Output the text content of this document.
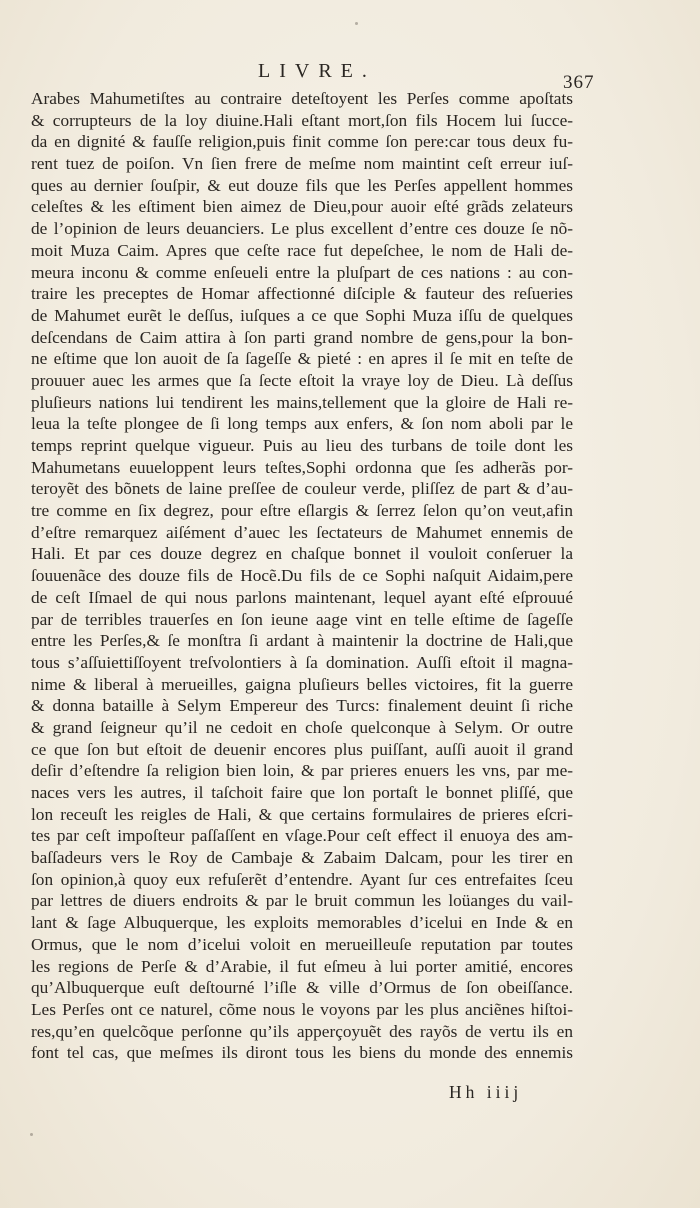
LIVRE.
367
Arabes Mahumetiſtes au contraire deteſtoyent les Perſes comme apoſtats
& corrupteurs de la loy diuine.Hali eſtant mort,ſon fils Hocem lui ſucce-
da en dignité & fauſſe religion,puis finit comme ſon pere:car tous deux fu-
rent tuez de poiſon. Vn ſien frere de meſme nom maintint ceſt erreur iuſ-
ques au dernier ſouſpir, & eut douze fils que les Perſes appellent hommes
celeſtes & les eſtiment bien aimez de Dieu,pour auoir eſté grãds zelateurs
de l’opinion de leurs deuanciers. Le plus excellent d’entre ces douze ſe nõ-
moit Muza Caim. Apres que ceſte race fut depeſchee, le nom de Hali de-
meura inconu & comme enſeueli entre la pluſpart de ces nations : au con-
traire les preceptes de Homar affectionné diſciple & fauteur des reſueries
de Mahumet eurẽt le deſſus, iuſques a ce que Sophi Muza iſſu de quelques
deſcendans de Caim attira à ſon parti grand nombre de gens,pour la bon-
ne eſtime que lon auoit de ſa ſageſſe & pieté : en apres il ſe mit en teſte de
prouuer auec les armes que ſa ſecte eſtoit la vraye loy de Dieu. Là deſſus
pluſieurs nations lui tendirent les mains,tellement que la gloire de Hali re-
leua la teſte plongee de ſi long temps aux enfers, & ſon nom aboli par le
temps reprint quelque vigueur. Puis au lieu des turbans de toile dont les
Mahumetans euueloppent leurs teſtes,Sophi ordonna que ſes adherãs por-
teroyẽt des bõnets de laine preſſee de couleur verde, pliſſez de part & d’au-
tre comme en ſix degrez, pour eſtre eſlargis & ſerrez ſelon qu’on veut,afin
d’eſtre remarquez aiſément d’auec les ſectateurs de Mahumet ennemis de
Hali. Et par ces douze degrez en chaſque bonnet il vouloit conſeruer la
ſouuenãce des douze fils de Hocẽ.Du fils de ce Sophi naſquit Aidaim,pere
de ceſt Iſmael de qui nous parlons maintenant, lequel ayant eſté eſprouué
par de terribles trauerſes en ſon ieune aage vint en telle eſtime de ſageſſe
entre les Perſes,& ſe monſtra ſi ardant à maintenir la doctrine de Hali,que
tous s’aſſuiettiſſoyent treſvolontiers à ſa domination. Auſſi eſtoit il magna-
nime & liberal à merueilles, gaigna pluſieurs belles victoires, fit la guerre
& donna bataille à Selym Empereur des Turcs: finalement deuint ſi riche
& grand ſeigneur qu’il ne cedoit en choſe quelconque à Selym. Or outre
ce que ſon but eſtoit de deuenir encores plus puiſſant, auſſi auoit il grand
deſir d’eſtendre ſa religion bien loin, & par prieres enuers les vns, par me-
naces vers les autres, il taſchoit faire que lon portaſt le bonnet pliſſé, que
lon receuſt les reigles de Hali, & que certains formulaires de prieres eſcri-
tes par ceſt impoſteur paſſaſſent en vſage.Pour ceſt effect il enuoya des am-
baſſadeurs vers le Roy de Cambaje & Zabaim Dalcam, pour les tirer en
ſon opinion,à quoy eux refuſerẽt d’entendre. Ayant ſur ces entrefaites ſceu
par lettres de diuers endroits & par le bruit commun les loüanges du vail-
lant & ſage Albuquerque, les exploits memorables d’icelui en Inde & en
Ormus, que le nom d’icelui voloit en merueilleuſe reputation par toutes
les regions de Perſe & d’Arabie, il fut eſmeu à lui porter amitié, encores
qu’Albuquerque euſt deſtourné l’iſle & ville d’Ormus de ſon obeiſſance.
Les Perſes ont ce naturel, cõme nous le voyons par les plus anciẽnes hiſtoi-
res,qu’en quelcõque perſonne qu’ils apperçoyuẽt des rayõs de vertu ils en
font tel cas, que meſmes ils diront tous les biens du monde des ennemis
Hh iiij
